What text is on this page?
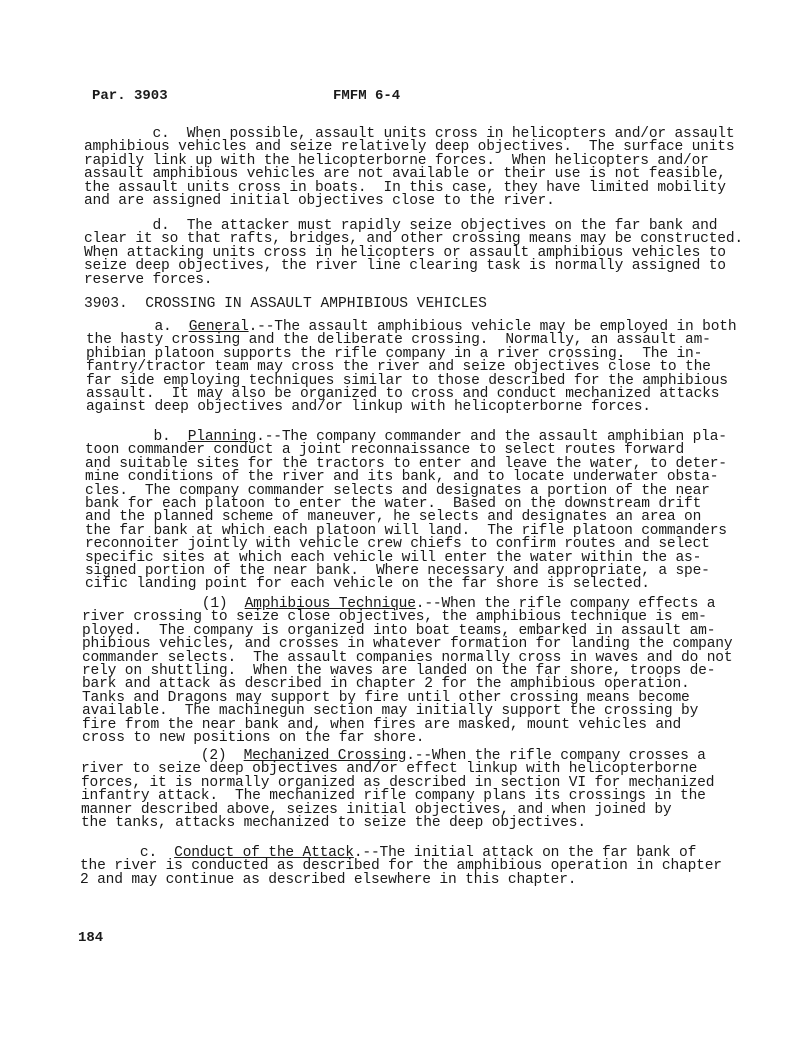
Par. 3903	FMFM 6-4
c.  When possible, assault units cross in helicopters and/or assault
amphibious vehicles and seize relatively deep objectives.  The surface units
rapidly link up with the helicopterborne forces.  When helicopters and/or
assault amphibious vehicles are not available or their use is not feasible,
the assault units cross in boats.  In this case, they have limited mobility
and are assigned initial objectives close to the river.
d.  The attacker must rapidly seize objectives on the far bank and
clear it so that rafts, bridges, and other crossing means may be constructed.
When attacking units cross in helicopters or assault amphibious vehicles to
seize deep objectives, the river line clearing task is normally assigned to
reserve forces.
3903.  CROSSING IN ASSAULT AMPHIBIOUS VEHICLES
a.  General.--The assault amphibious vehicle may be employed in both
the hasty crossing and the deliberate crossing.  Normally, an assault am-
phibian platoon supports the rifle company in a river crossing.  The in-
fantry/tractor team may cross the river and seize objectives close to the
far side employing techniques similar to those described for the amphibious
assault.  It may also be organized to cross and conduct mechanized attacks
against deep objectives and/or linkup with helicopterborne forces.
b.  Planning.--The company commander and the assault amphibian pla-
toon commander conduct a joint reconnaissance to select routes forward
and suitable sites for the tractors to enter and leave the water, to deter-
mine conditions of the river and its bank, and to locate underwater obsta-
cles.  The company commander selects and designates a portion of the near
bank for each platoon to enter the water.  Based on the downstream drift
and the planned scheme of maneuver, he selects and designates an area on
the far bank at which each platoon will land.  The rifle platoon commanders
reconnoiter jointly with vehicle crew chiefs to confirm routes and select
specific sites at which each vehicle will enter the water within the as-
signed portion of the near bank.  Where necessary and appropriate, a spe-
cific landing point for each vehicle on the far shore is selected.
(1)  Amphibious Technique.--When the rifle company effects a
river crossing to seize close objectives, the amphibious technique is em-
ployed.  The company is organized into boat teams, embarked in assault am-
phibious vehicles, and crosses in whatever formation for landing the company
commander selects.  The assault companies normally cross in waves and do not
rely on shuttling.  When the waves are landed on the far shore, troops de-
bark and attack as described in chapter 2 for the amphibious operation.
Tanks and Dragons may support by fire until other crossing means become
available.  The machinegun section may initially support the crossing by
fire from the near bank and, when fires are masked, mount vehicles and
cross to new positions on the far shore.
(2)  Mechanized Crossing.--When the rifle company crosses a
river to seize deep objectives and/or effect linkup with helicopterborne
forces, it is normally organized as described in section VI for mechanized
infantry attack.  The mechanized rifle company plans its crossings in the
manner described above, seizes initial objectives, and when joined by
the tanks, attacks mechanized to seize the deep objectives.
c.  Conduct of the Attack.--The initial attack on the far bank of
the river is conducted as described for the amphibious operation in chapter
2 and may continue as described elsewhere in this chapter.
184
